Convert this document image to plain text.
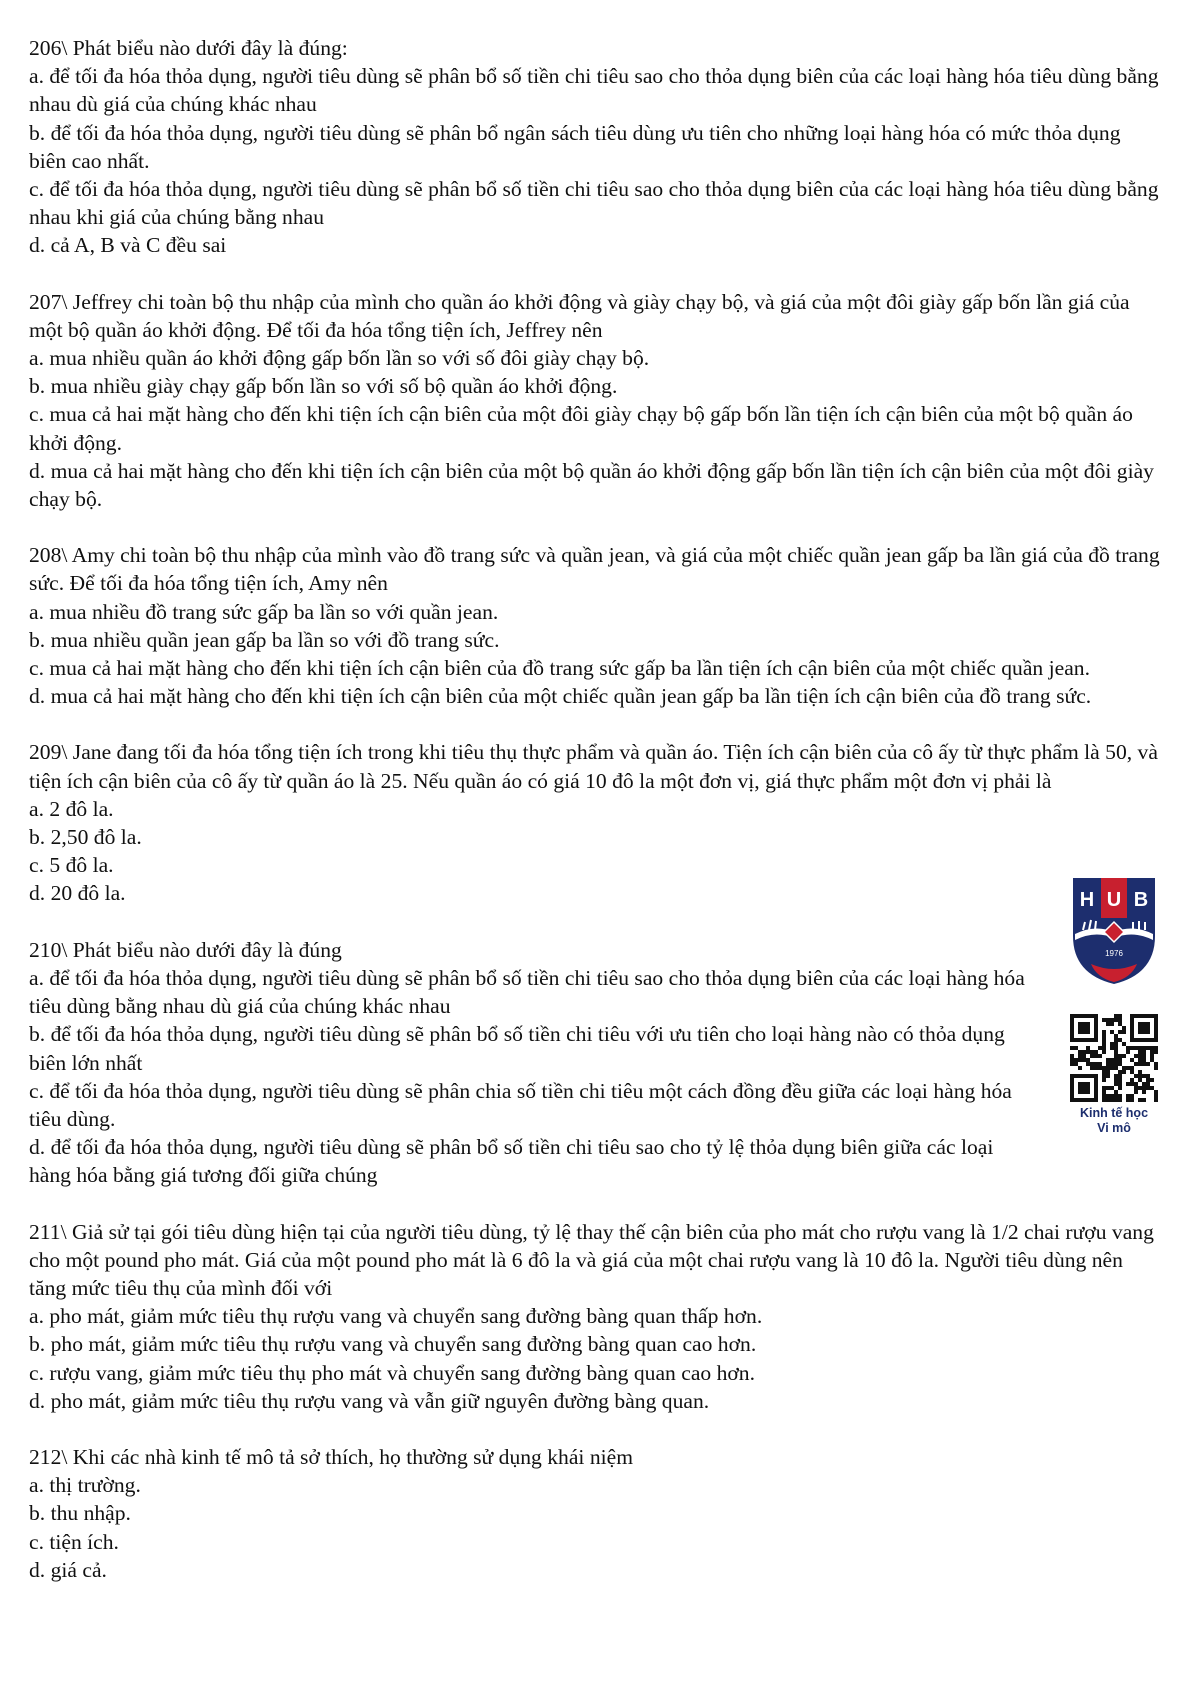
206\ Phát biểu nào dưới đây là đúng:

a. để tối đa hóa thỏa dụng, người tiêu dùng sẽ phân bổ số tiền chi tiêu sao cho thỏa dụng biên của các loại hàng hóa tiêu dùng bằng nhau dù giá của chúng khác nhau

b. để tối đa hóa thỏa dụng, người tiêu dùng sẽ phân bổ ngân sách tiêu dùng ưu tiên cho những loại hàng hóa có mức thỏa dụng biên cao nhất.

c. để tối đa hóa thỏa dụng, người tiêu dùng sẽ phân bổ số tiền chi tiêu sao cho thỏa dụng biên của các loại hàng hóa tiêu dùng bằng nhau khi giá của chúng bằng nhau

d. cả A, B và C đều sai

207\ Jeffrey chi toàn bộ thu nhập của mình cho quần áo khởi động và giày chạy bộ, và giá của một đôi giày gấp bốn lần giá của một bộ quần áo khởi động. Để tối đa hóa tổng tiện ích, Jeffrey nên

a. mua nhiều quần áo khởi động gấp bốn lần so với số đôi giày chạy bộ.

b. mua nhiều giày chạy gấp bốn lần so với số bộ quần áo khởi động.

c. mua cả hai mặt hàng cho đến khi tiện ích cận biên của một đôi giày chạy bộ gấp bốn lần tiện ích cận biên của một bộ quần áo khởi động.

d. mua cả hai mặt hàng cho đến khi tiện ích cận biên của một bộ quần áo khởi động gấp bốn lần tiện ích cận biên của một đôi giày chạy bộ.

208\ Amy chi toàn bộ thu nhập của mình vào đồ trang sức và quần jean, và giá của một chiếc quần jean gấp ba lần giá của đồ trang sức. Để tối đa hóa tổng tiện ích, Amy nên

a. mua nhiều đồ trang sức gấp ba lần so với quần jean.

b. mua nhiều quần jean gấp ba lần so với đồ trang sức.

c. mua cả hai mặt hàng cho đến khi tiện ích cận biên của đồ trang sức gấp ba lần tiện ích cận biên của một chiếc quần jean.

d. mua cả hai mặt hàng cho đến khi tiện ích cận biên của một chiếc quần jean gấp ba lần tiện ích cận biên của đồ trang sức.

209\ Jane đang tối đa hóa tổng tiện ích trong khi tiêu thụ thực phẩm và quần áo. Tiện ích cận biên của cô ấy từ thực phẩm là 50, và tiện ích cận biên của cô ấy từ quần áo là 25. Nếu quần áo có giá 10 đô la một đơn vị, giá thực phẩm một đơn vị phải là

a. 2 đô la.

b. 2,50 đô la.

c. 5 đô la.

d. 20 đô la.

210\ Phát biểu nào dưới đây là đúng

a. để tối đa hóa thỏa dụng, người tiêu dùng sẽ phân bổ số tiền chi tiêu sao cho thỏa dụng biên của các loại hàng hóa tiêu dùng bằng nhau dù giá của chúng khác nhau

b. để tối đa hóa thỏa dụng, người tiêu dùng sẽ phân bổ số tiền chi tiêu với ưu tiên cho loại hàng nào có thỏa dụng biên lớn nhất

c. để tối đa hóa thỏa dụng, người tiêu dùng sẽ phân chia số tiền chi tiêu một cách đồng đều giữa các loại hàng hóa tiêu dùng.

d. để tối đa hóa thỏa dụng, người tiêu dùng sẽ phân bổ số tiền chi tiêu sao cho tỷ lệ thỏa dụng biên giữa các loại hàng hóa bằng giá tương đối giữa chúng

211\ Giả sử tại gói tiêu dùng hiện tại của người tiêu dùng, tỷ lệ thay thế cận biên của pho mát cho rượu vang là 1/2 chai rượu vang cho một pound pho mát. Giá của một pound pho mát là 6 đô la và giá của một chai rượu vang là 10 đô la. Người tiêu dùng nên tăng mức tiêu thụ của mình đối với

a. pho mát, giảm mức tiêu thụ rượu vang và chuyển sang đường bàng quan thấp hơn.

b. pho mát, giảm mức tiêu thụ rượu vang và chuyển sang đường bàng quan cao hơn.

c. rượu vang, giảm mức tiêu thụ pho mát và chuyển sang đường bàng quan cao hơn.

d. pho mát, giảm mức tiêu thụ rượu vang và vẫn giữ nguyên đường bàng quan.

212\ Khi các nhà kinh tế mô tả sở thích, họ thường sử dụng khái niệm

a. thị trường.

b. thu nhập.

c. tiện ích.

d. giá cả.

H U B
1976
Kinh tế học
Vi mô
